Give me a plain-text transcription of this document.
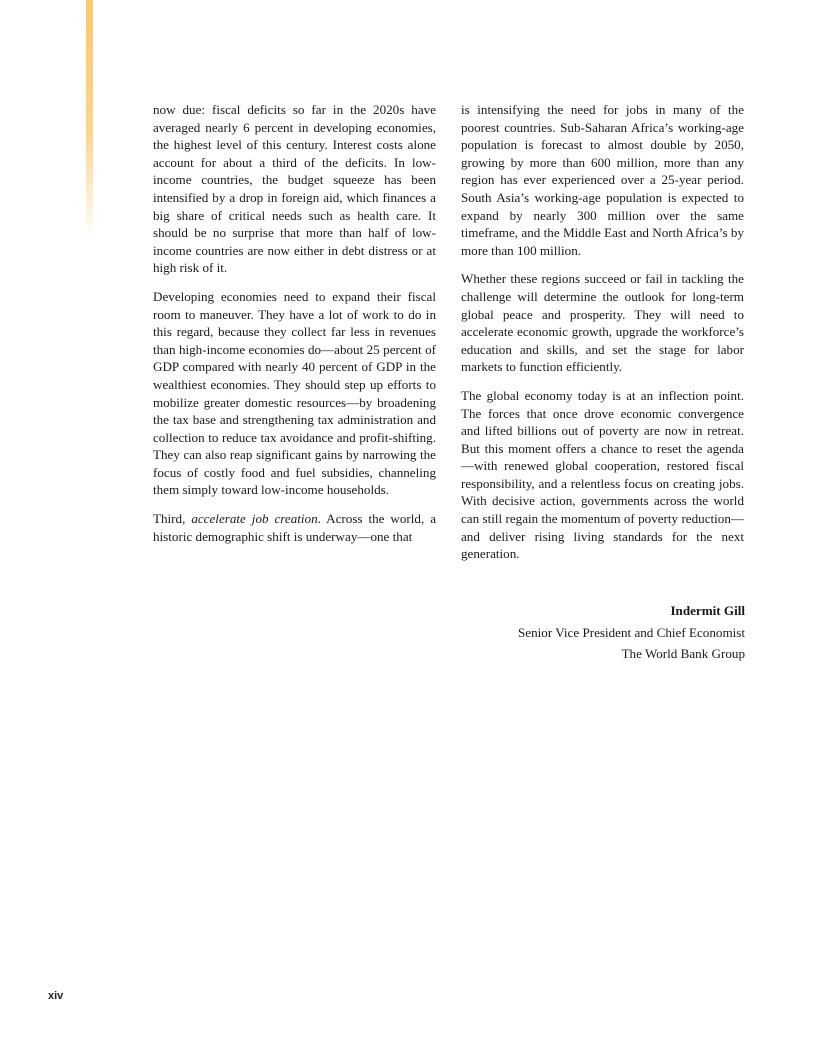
now due: fiscal deficits so far in the 2020s have averaged nearly 6 percent in developing economies, the highest level of this century. Interest costs alone account for about a third of the deficits. In low-income countries, the budget squeeze has been intensified by a drop in foreign aid, which finances a big share of critical needs such as health care. It should be no surprise that more than half of low-income countries are now either in debt distress or at high risk of it.

Developing economies need to expand their fiscal room to maneuver. They have a lot of work to do in this regard, because they collect far less in revenues than high-income economies do—about 25 percent of GDP compared with nearly 40 percent of GDP in the wealthiest economies. They should step up efforts to mobilize greater domestic resources—by broadening the tax base and strengthening tax administration and collection to reduce tax avoidance and profit-shifting. They can also reap significant gains by narrowing the focus of costly food and fuel subsidies, channeling them simply toward low-income households.

Third, accelerate job creation. Across the world, a historic demographic shift is underway—one that

is intensifying the need for jobs in many of the poorest countries. Sub-Saharan Africa’s working-age population is forecast to almost double by 2050, growing by more than 600 million, more than any region has ever experienced over a 25-year period. South Asia’s working-age population is expected to expand by nearly 300 million over the same timeframe, and the Middle East and North Africa’s by more than 100 million.

Whether these regions succeed or fail in tackling the challenge will determine the outlook for long-term global peace and prosperity. They will need to accelerate economic growth, upgrade the workforce’s education and skills, and set the stage for labor markets to function efficiently.

The global economy today is at an inflection point. The forces that once drove economic convergence and lifted billions out of poverty are now in retreat. But this moment offers a chance to reset the agenda—with renewed global cooperation, restored fiscal responsibility, and a relentless focus on creating jobs. With decisive action, governments across the world can still regain the momentum of poverty reduction—and deliver rising living standards for the next generation.

Indermit Gill
Senior Vice President and Chief Economist
The World Bank Group
xiv
